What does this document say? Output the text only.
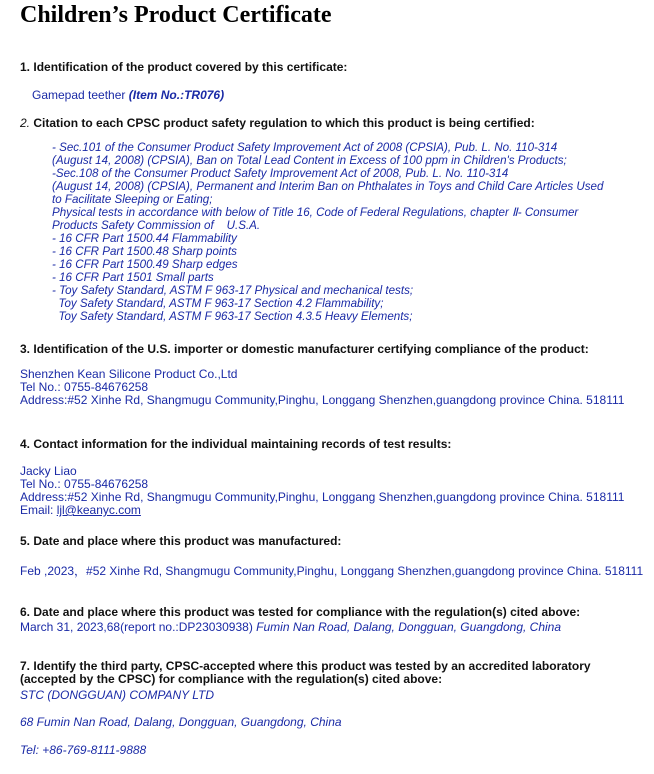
Children’s Product Certificate
1. Identification of the product covered by this certificate:
Gamepad teether (Item No.:TR076)
2. Citation to each CPSC product safety regulation to which this product is being certified:
- Sec.101 of the Consumer Product Safety Improvement Act of 2008 (CPSIA), Pub. L. No. 110-314
(August 14, 2008) (CPSIA), Ban on Total Lead Content in Excess of 100 ppm in Children's Products;
-Sec.108 of the Consumer Product Safety Improvement Act of 2008, Pub. L. No. 110-314
(August 14, 2008) (CPSIA), Permanent and Interim Ban on Phthalates in Toys and Child Care Articles Used
to Facilitate Sleeping or Eating;
Physical tests in accordance with below of Title 16, Code of Federal Regulations, chapter Ⅱ- Consumer
Products Safety Commission of    U.S.A.
- 16 CFR Part 1500.44 Flammability
- 16 CFR Part 1500.48 Sharp points
- 16 CFR Part 1500.49 Sharp edges
- 16 CFR Part 1501 Small parts
- Toy Safety Standard, ASTM F 963-17 Physical and mechanical tests;
Toy Safety Standard, ASTM F 963-17 Section 4.2 Flammability;
Toy Safety Standard, ASTM F 963-17 Section 4.3.5 Heavy Elements;
3. Identification of the U.S. importer or domestic manufacturer certifying compliance of the product:
Shenzhen Kean Silicone Product Co.,Ltd
Tel No.: 0755-84676258
Address:#52 Xinhe Rd, Shangmugu Community,Pinghu, Longgang Shenzhen,guangdong province China. 518111
4. Contact information for the individual maintaining records of test results:
Jacky Liao
Tel No.: 0755-84676258
Address:#52 Xinhe Rd, Shangmugu Community,Pinghu, Longgang Shenzhen,guangdong province China. 518111
Email: ljl@keanyc.com
5. Date and place where this product was manufactured:
Feb ,2023，#52 Xinhe Rd, Shangmugu Community,Pinghu, Longgang Shenzhen,guangdong province China. 518111
6. Date and place where this product was tested for compliance with the regulation(s) cited above:
March 31, 2023,68(report no.:DP23030938) Fumin Nan Road, Dalang, Dongguan, Guangdong, China
7. Identify the third party, CPSC-accepted where this product was tested by an accredited laboratory
(accepted by the CPSC) for compliance with the regulation(s) cited above:
STC (DONGGUAN) COMPANY LTD
68 Fumin Nan Road, Dalang, Dongguan, Guangdong, China
Tel: +86-769-8111-9888
